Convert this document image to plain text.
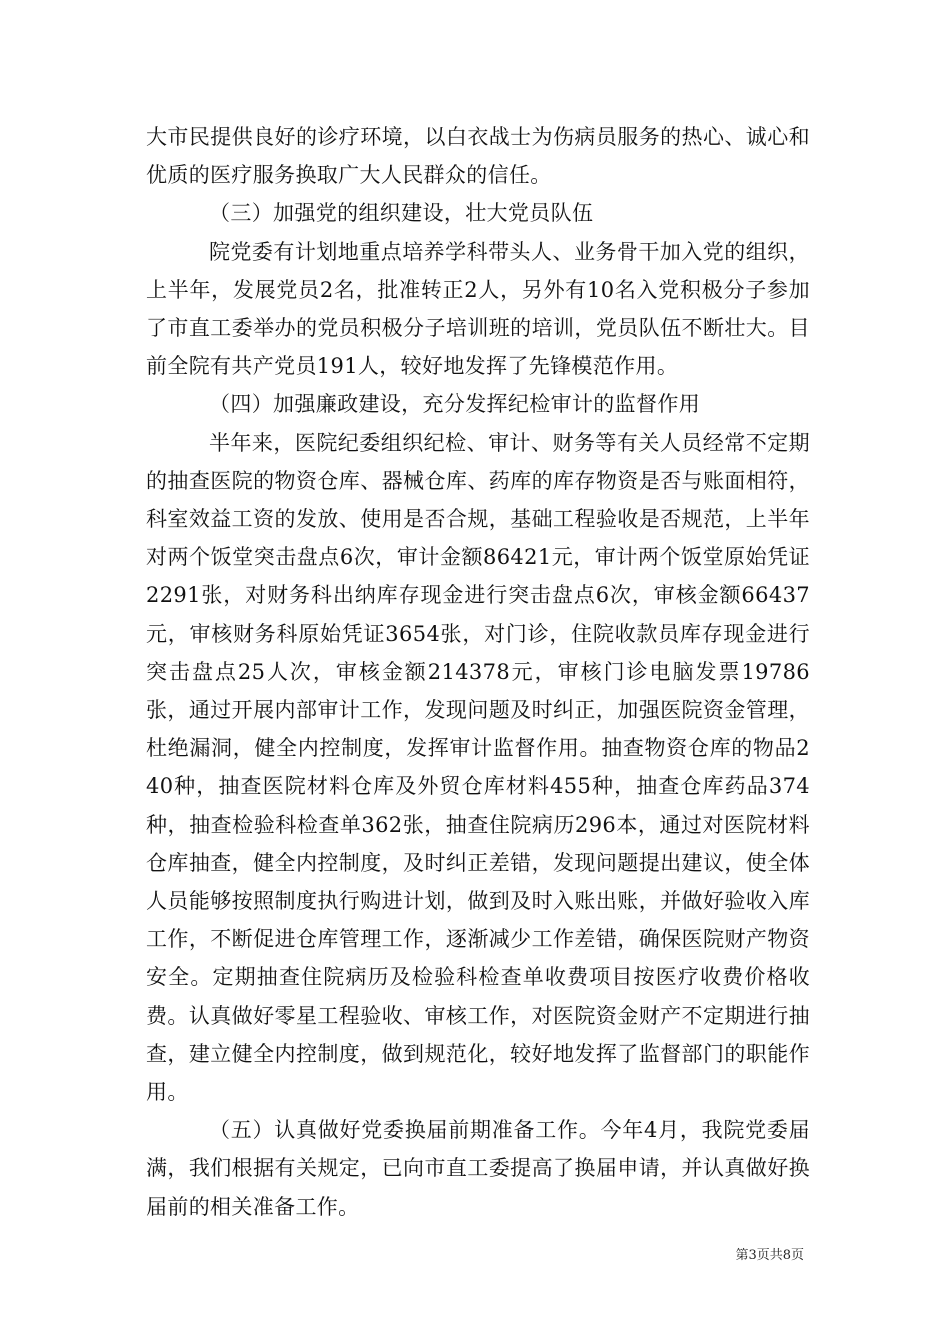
大市民提供良好的诊疗环境，以白衣战士为伤病员服务的热心、诚心和优质的医疗服务换取广大人民群众的信任。

（三）加强党的组织建设，壮大党员队伍

院党委有计划地重点培养学科带头人、业务骨干加入党的组织，上半年，发展党员2名，批准转正2人，另外有10名入党积极分子参加了市直工委举办的党员积极分子培训班的培训，党员队伍不断壮大。目前全院有共产党员191人，较好地发挥了先锋模范作用。

（四）加强廉政建设，充分发挥纪检审计的监督作用

半年来，医院纪委组织纪检、审计、财务等有关人员经常不定期的抽查医院的物资仓库、器械仓库、药库的库存物资是否与账面相符，科室效益工资的发放、使用是否合规，基础工程验收是否规范，上半年对两个饭堂突击盘点6次，审计金额86421元，审计两个饭堂原始凭证2291张，对财务科出纳库存现金进行突击盘点6次，审核金额66437元，审核财务科原始凭证3654张，对门诊，住院收款员库存现金进行突击盘点25人次，审核金额214378元，审核门诊电脑发票19786张，通过开展内部审计工作，发现问题及时纠正，加强医院资金管理，杜绝漏洞，健全内控制度，发挥审计监督作用。抽查物资仓库的物品240种，抽查医院材料仓库及外贸仓库材料455种，抽查仓库药品374种，抽查检验科检查单362张，抽查住院病历296本，通过对医院材料仓库抽查，健全内控制度，及时纠正差错，发现问题提出建议，使全体人员能够按照制度执行购进计划，做到及时入账出账，并做好验收入库工作，不断促进仓库管理工作，逐渐减少工作差错，确保医院财产物资安全。定期抽查住院病历及检验科检查单收费项目按医疗收费价格收费。认真做好零星工程验收、审核工作，对医院资金财产不定期进行抽查，建立健全内控制度，做到规范化，较好地发挥了监督部门的职能作用。

（五）认真做好党委换届前期准备工作。今年4月，我院党委届满，我们根据有关规定，已向市直工委提高了换届申请，并认真做好换届前的相关准备工作。

第3页共8页
